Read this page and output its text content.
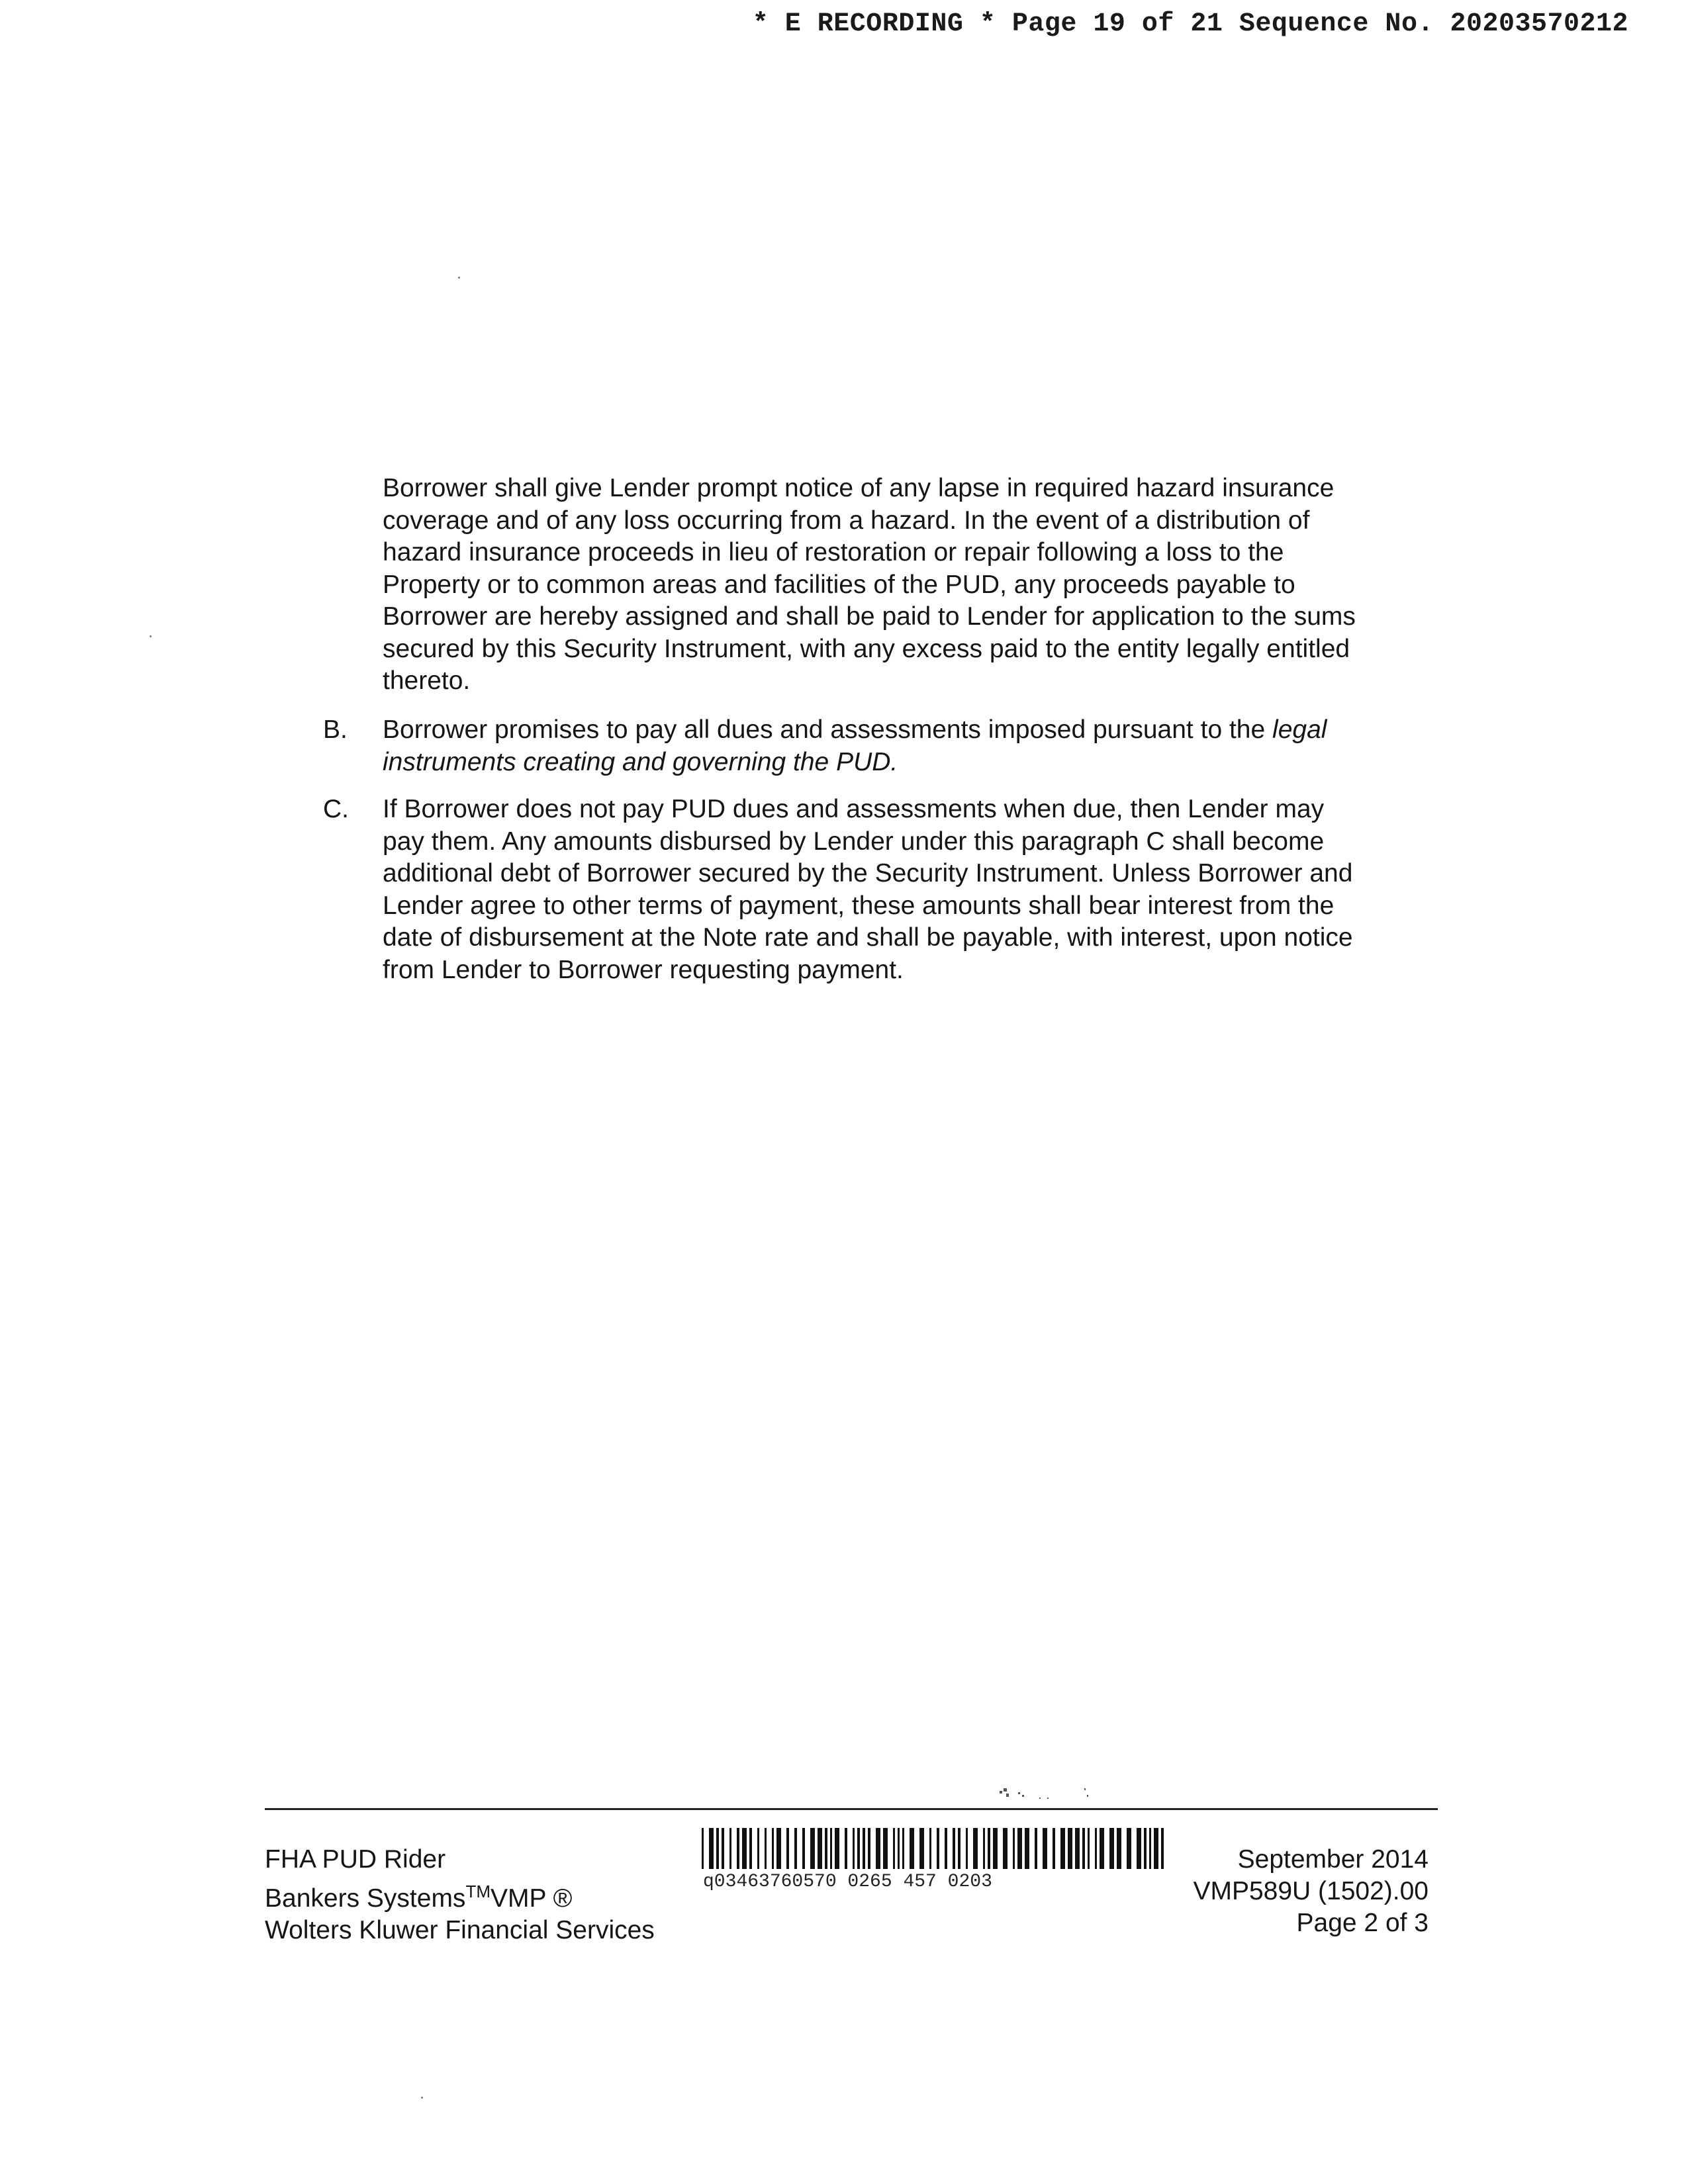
* E RECORDING * Page 19 of 21 Sequence No. 20203570212
Borrower shall give Lender prompt notice of any lapse in required hazard insurance coverage and of any loss occurring from a hazard. In the event of a distribution of hazard insurance proceeds in lieu of restoration or repair following a loss to the Property or to common areas and facilities of the PUD, any proceeds payable to Borrower are hereby assigned and shall be paid to Lender for application to the sums secured by this Security Instrument, with any excess paid to the entity legally entitled thereto.
B. Borrower promises to pay all dues and assessments imposed pursuant to the legal instruments creating and governing the PUD.
C. If Borrower does not pay PUD dues and assessments when due, then Lender may pay them. Any amounts disbursed by Lender under this paragraph C shall become additional debt of Borrower secured by the Security Instrument. Unless Borrower and Lender agree to other terms of payment, these amounts shall bear interest from the date of disbursement at the Note rate and shall be payable, with interest, upon notice from Lender to Borrower requesting payment.
FHA PUD Rider
Bankers Systems™VMP ®
Wolters Kluwer Financial Services
q03463760570 0265 457 0203
September 2014
VMP589U (1502).00
Page 2 of 3
